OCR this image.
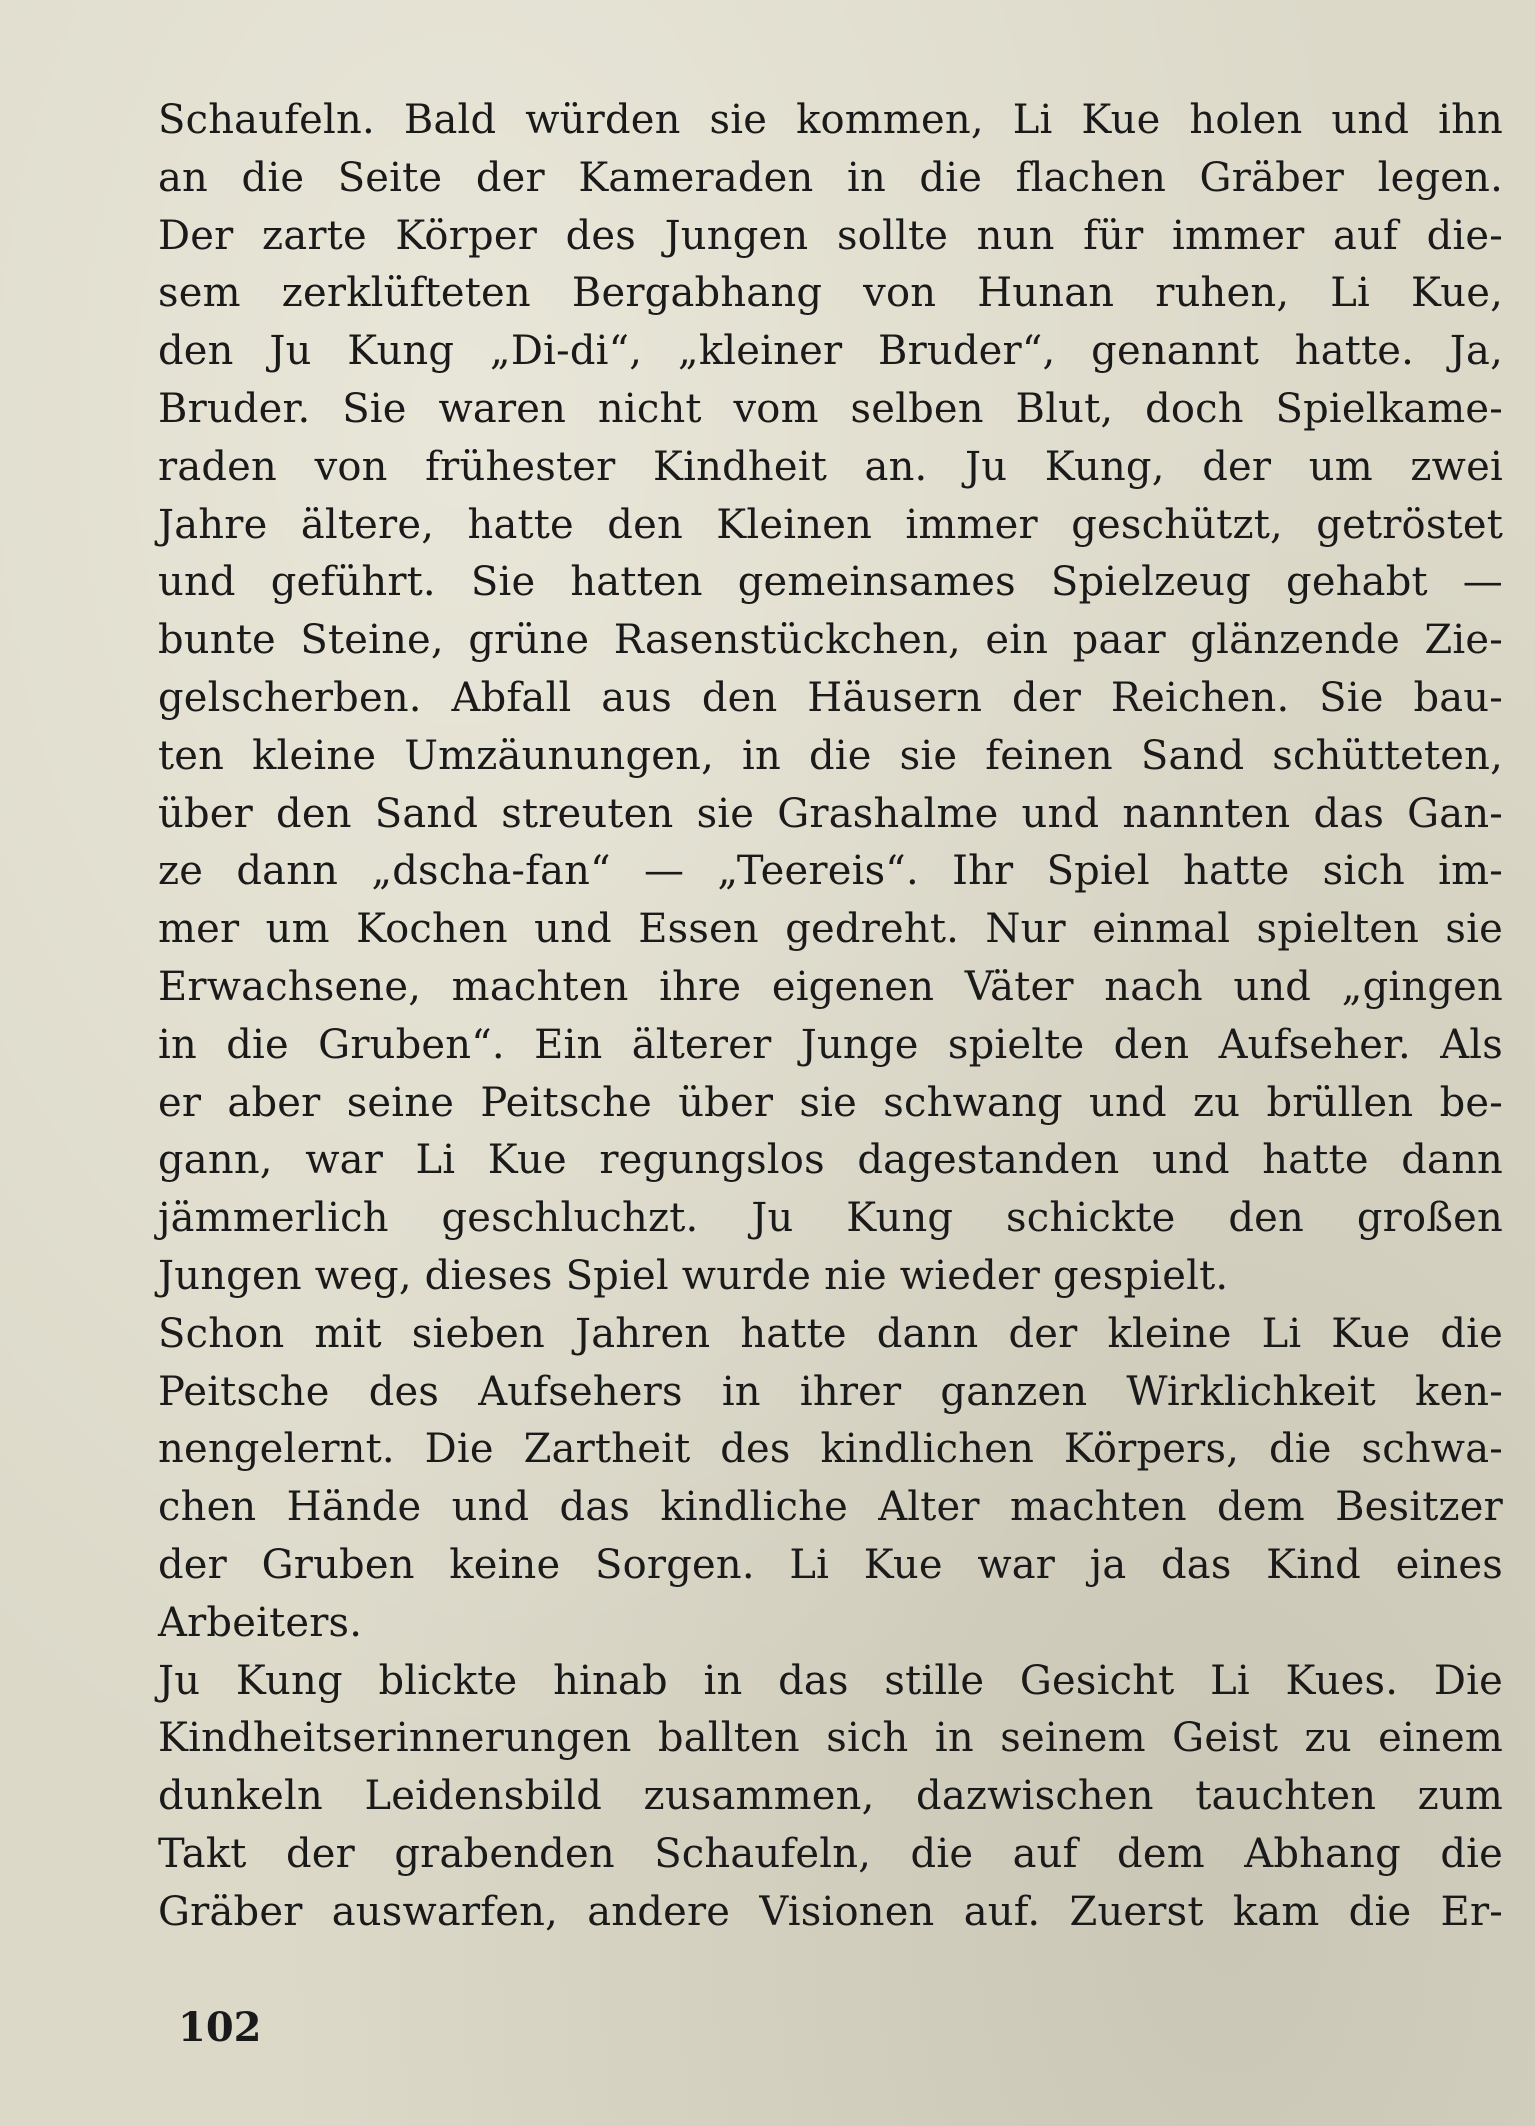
Schaufeln. Bald würden sie kommen, Li Kue holen und ihn
an die Seite der Kameraden in die flachen Gräber legen.
Der zarte Körper des Jungen sollte nun für immer auf die-
sem zerklüfteten Bergabhang von Hunan ruhen, Li Kue,
den Ju Kung „Di-di“, „kleiner Bruder“, genannt hatte. Ja,
Bruder. Sie waren nicht vom selben Blut, doch Spielkame-
raden von frühester Kindheit an. Ju Kung, der um zwei
Jahre ältere, hatte den Kleinen immer geschützt, getröstet
und geführt. Sie hatten gemeinsames Spielzeug gehabt —
bunte Steine, grüne Rasenstückchen, ein paar glänzende Zie-
gelscherben. Abfall aus den Häusern der Reichen. Sie bau-
ten kleine Umzäunungen, in die sie feinen Sand schütteten,
über den Sand streuten sie Grashalme und nannten das Gan-
ze dann „dscha-fan“ — „Teereis“. Ihr Spiel hatte sich im-
mer um Kochen und Essen gedreht. Nur einmal spielten sie
Erwachsene, machten ihre eigenen Väter nach und „gingen
in die Gruben“. Ein älterer Junge spielte den Aufseher. Als
er aber seine Peitsche über sie schwang und zu brüllen be-
gann, war Li Kue regungslos dagestanden und hatte dann
jämmerlich geschluchzt. Ju Kung schickte den großen
Jungen weg, dieses Spiel wurde nie wieder gespielt.
Schon mit sieben Jahren hatte dann der kleine Li Kue die
Peitsche des Aufsehers in ihrer ganzen Wirklichkeit ken-
nengelernt. Die Zartheit des kindlichen Körpers, die schwa-
chen Hände und das kindliche Alter machten dem Besitzer
der Gruben keine Sorgen. Li Kue war ja das Kind eines
Arbeiters.
Ju Kung blickte hinab in das stille Gesicht Li Kues. Die
Kindheitserinnerungen ballten sich in seinem Geist zu einem
dunkeln Leidensbild zusammen, dazwischen tauchten zum
Takt der grabenden Schaufeln, die auf dem Abhang die
Gräber auswarfen, andere Visionen auf. Zuerst kam die Er-
102
